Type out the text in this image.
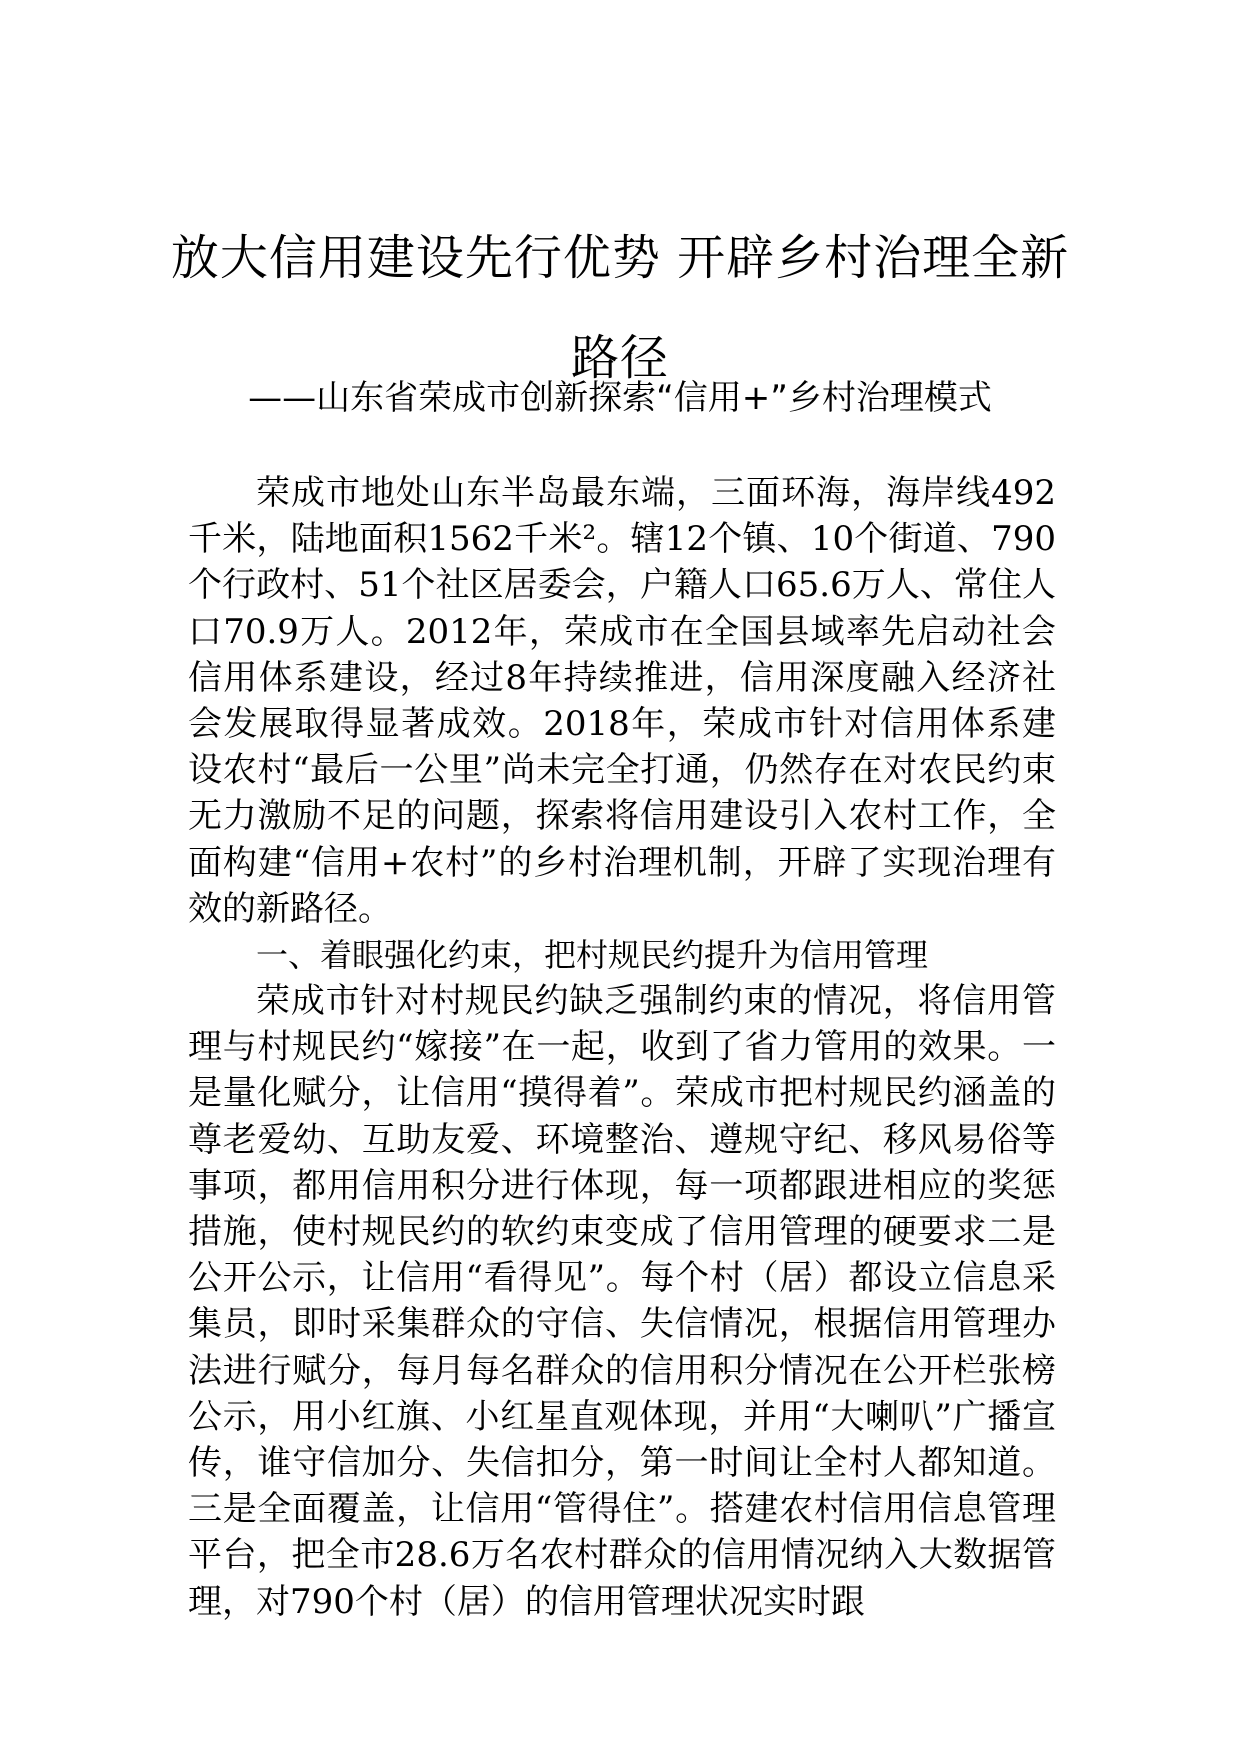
放大信用建设先行优势 开辟乡村治理全新路径
——山东省荣成市创新探索“信用+”乡村治理模式

荣成市地处山东半岛最东端，三面环海，海岸线492千米，陆地面积1562千米²。辖12个镇、10个街道、790个行政村、51个社区居委会，户籍人口65.6万人、常住人口70.9万人。2012年，荣成市在全国县域率先启动社会信用体系建设，经过8年持续推进，信用深度融入经济社会发展取得显著成效。2018年，荣成市针对信用体系建设农村“最后一公里”尚未完全打通，仍然存在对农民约束无力激励不足的问题，探索将信用建设引入农村工作，全面构建“信用+农村”的乡村治理机制，开辟了实现治理有效的新路径。

一、着眼强化约束，把村规民约提升为信用管理

荣成市针对村规民约缺乏强制约束的情况，将信用管理与村规民约“嫁接”在一起，收到了省力管用的效果。一是量化赋分，让信用“摸得着”。荣成市把村规民约涵盖的尊老爱幼、互助友爱、环境整治、遵规守纪、移风易俗等事项，都用信用积分进行体现，每一项都跟进相应的奖惩措施，使村规民约的软约束变成了信用管理的硬要求二是公开公示，让信用“看得见”。每个村（居）都设立信息采集员，即时采集群众的守信、失信情况，根据信用管理办法进行赋分，每月每名群众的信用积分情况在公开栏张榜公示，用小红旗、小红星直观体现，并用“大喇叭”广播宣传，谁守信加分、失信扣分，第一时间让全村人都知道。三是全面覆盖，让信用“管得住”。搭建农村信用信息管理平台，把全市28.6万名农村群众的信用情况纳入大数据管理，对790个村（居）的信用管理状况实时跟
